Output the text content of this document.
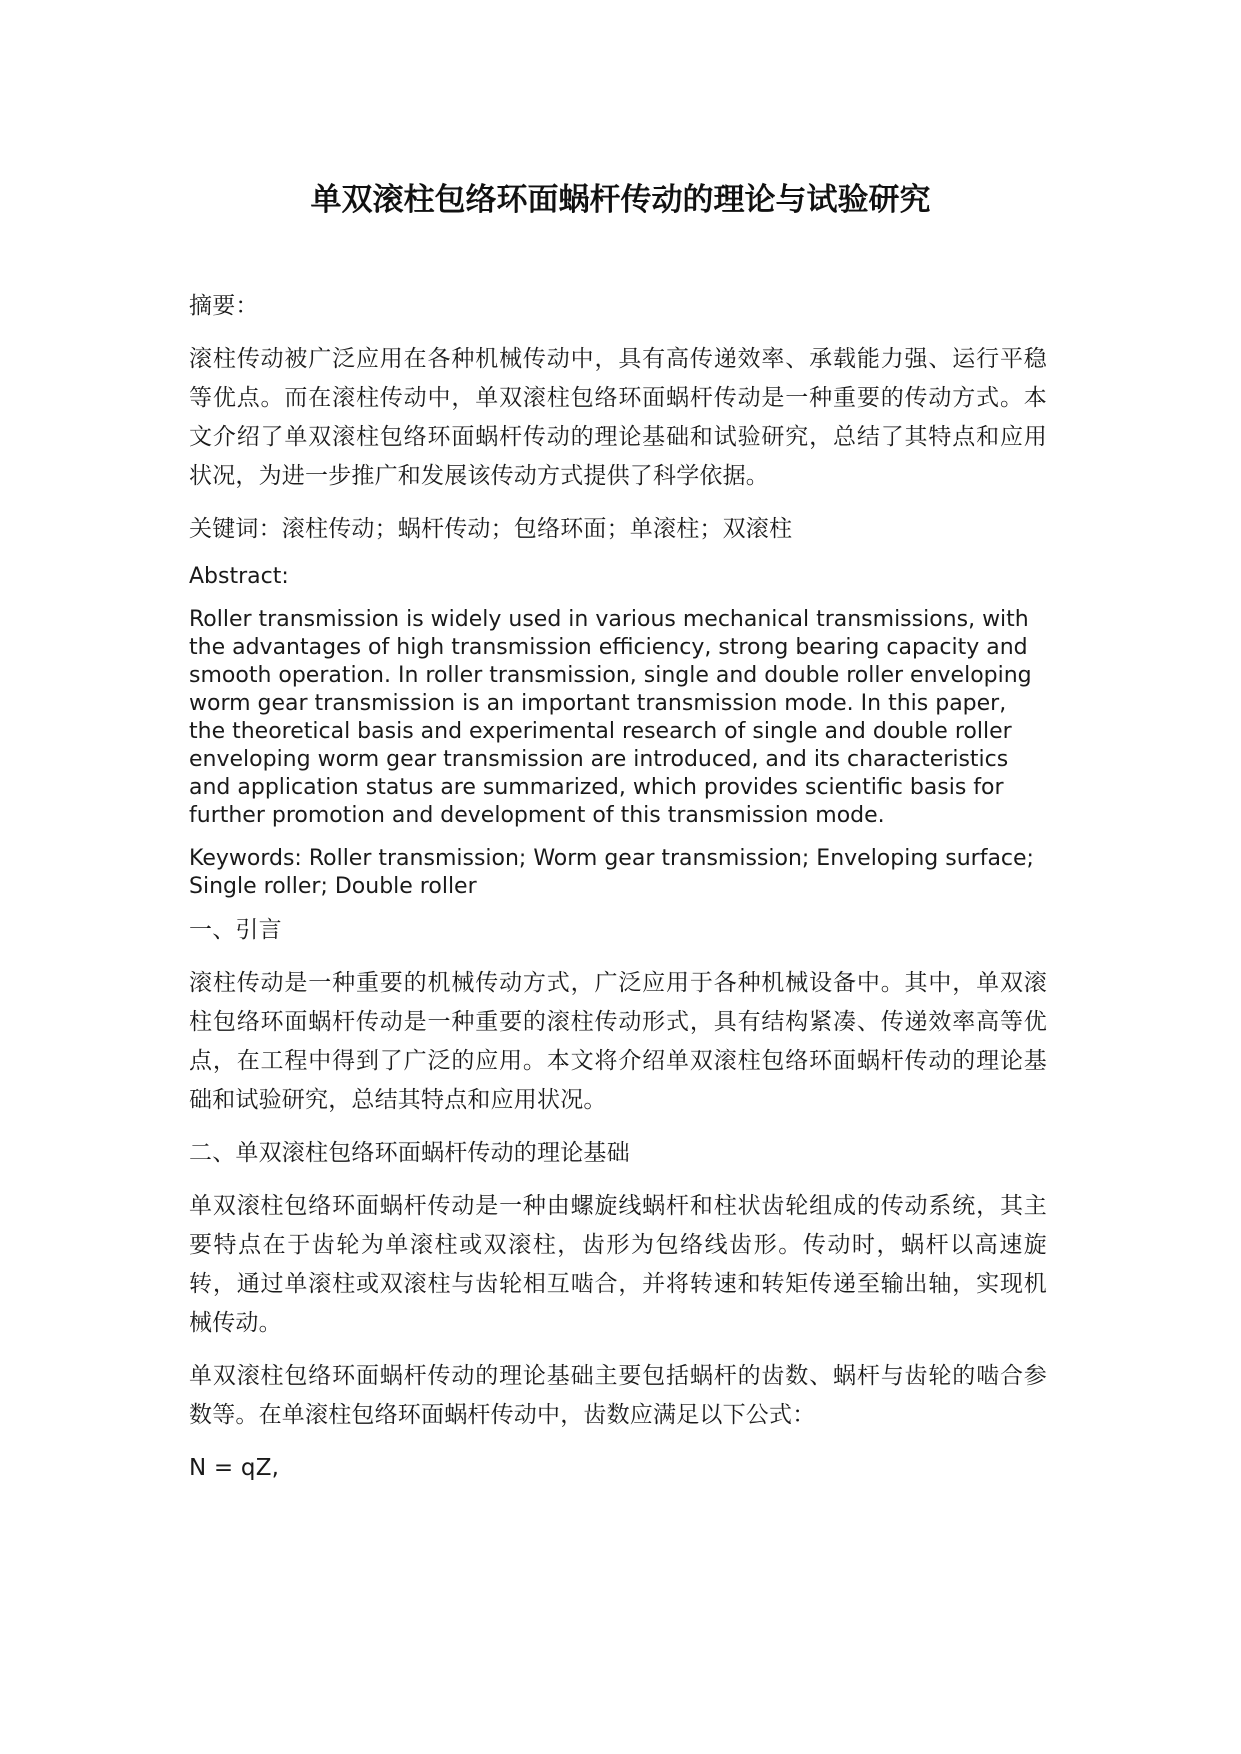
单双滚柱包络环面蜗杆传动的理论与试验研究

摘要：

滚柱传动被广泛应用在各种机械传动中，具有高传递效率、承载能力强、运行平稳等优点。而在滚柱传动中，单双滚柱包络环面蜗杆传动是一种重要的传动方式。本文介绍了单双滚柱包络环面蜗杆传动的理论基础和试验研究，总结了其特点和应用状况，为进一步推广和发展该传动方式提供了科学依据。

关键词：滚柱传动；蜗杆传动；包络环面；单滚柱；双滚柱

Abstract:

Roller transmission is widely used in various mechanical transmissions, with the advantages of high transmission efficiency, strong bearing capacity and smooth operation. In roller transmission, single and double roller enveloping worm gear transmission is an important transmission mode. In this paper, the theoretical basis and experimental research of single and double roller enveloping worm gear transmission are introduced, and its characteristics and application status are summarized, which provides scientific basis for further promotion and development of this transmission mode.

Keywords: Roller transmission; Worm gear transmission; Enveloping surface; Single roller; Double roller

一、引言

滚柱传动是一种重要的机械传动方式，广泛应用于各种机械设备中。其中，单双滚柱包络环面蜗杆传动是一种重要的滚柱传动形式，具有结构紧凑、传递效率高等优点，在工程中得到了广泛的应用。本文将介绍单双滚柱包络环面蜗杆传动的理论基础和试验研究，总结其特点和应用状况。

二、单双滚柱包络环面蜗杆传动的理论基础

单双滚柱包络环面蜗杆传动是一种由螺旋线蜗杆和柱状齿轮组成的传动系统，其主要特点在于齿轮为单滚柱或双滚柱，齿形为包络线齿形。传动时，蜗杆以高速旋转，通过单滚柱或双滚柱与齿轮相互啮合，并将转速和转矩传递至输出轴，实现机械传动。

单双滚柱包络环面蜗杆传动的理论基础主要包括蜗杆的齿数、蜗杆与齿轮的啮合参数等。在单滚柱包络环面蜗杆传动中，齿数应满足以下公式：

N = qZ,
